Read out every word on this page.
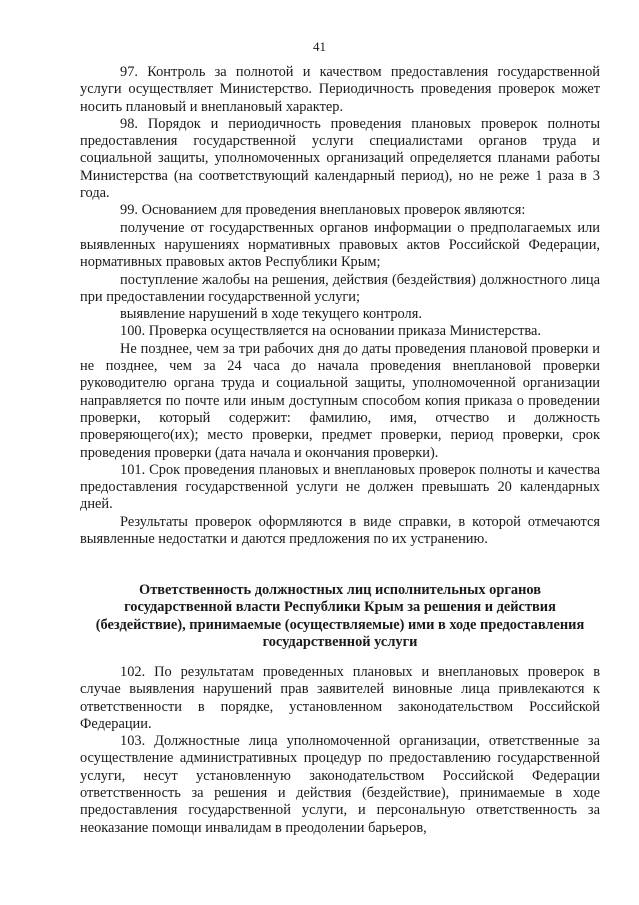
41

97. Контроль за полнотой и качеством предоставления государственной услуги осуществляет Министерство. Периодичность проведения проверок может носить плановый и внеплановый характер.

98. Порядок и периодичность проведения плановых проверок полноты предоставления государственной услуги специалистами органов труда и социальной защиты, уполномоченных организаций определяется планами работы Министерства (на соответствующий календарный период), но не реже 1 раза в 3 года.

99. Основанием для проведения внеплановых проверок являются:

получение от государственных органов информации о предполагаемых или выявленных нарушениях нормативных правовых актов Российской Федерации, нормативных правовых актов Республики Крым;

поступление жалобы на решения, действия (бездействия) должностного лица при предоставлении государственной услуги;

выявление нарушений в ходе текущего контроля.

100. Проверка осуществляется на основании приказа Министерства.

Не позднее, чем за три рабочих дня до даты проведения плановой проверки и не позднее, чем за 24 часа до начала проведения внеплановой проверки руководителю органа труда и социальной защиты, уполномоченной организации направляется по почте или иным доступным способом копия приказа о проведении проверки, который содержит: фамилию, имя, отчество и должность проверяющего(их); место проверки, предмет проверки, период проверки, срок проведения проверки (дата начала и окончания проверки).

101. Срок проведения плановых и внеплановых проверок полноты и качества предоставления государственной услуги не должен превышать 20 календарных дней.

Результаты проверок оформляются в виде справки, в которой отмечаются выявленные недостатки и даются предложения по их устранению.

Ответственность должностных лиц исполнительных органов
государственной власти Республики Крым за решения и действия
(бездействие), принимаемые (осуществляемые) ими в ходе предоставления
государственной услуги

102. По результатам проведенных плановых и внеплановых проверок в случае выявления нарушений прав заявителей виновные лица привлекаются к ответственности в порядке, установленном законодательством Российской Федерации.

103. Должностные лица уполномоченной организации, ответственные за осуществление административных процедур по предоставлению государственной услуги, несут установленную законодательством Российской Федерации ответственность за решения и действия (бездействие), принимаемые в ходе предоставления государственной услуги, и персональную ответственность за неоказание помощи инвалидам в преодолении барьеров,
